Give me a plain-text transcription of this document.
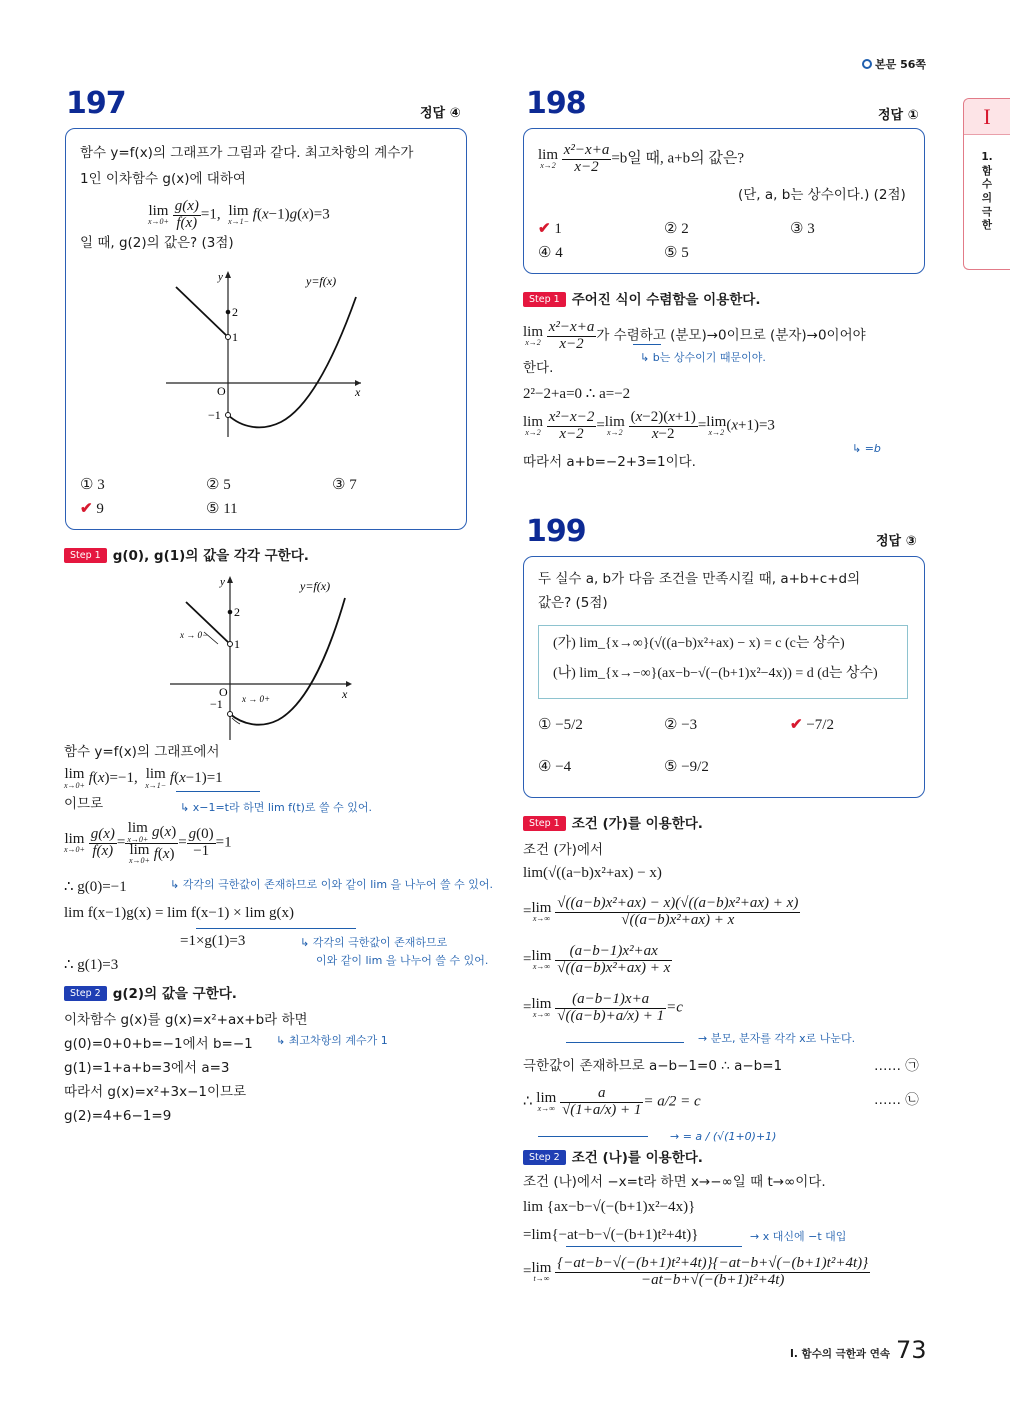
본문 56쪽
I
1. 함수의 극한
197	정답 ④
함수 y=f(x)의 그래프가 그림과 같다. 최고차항의 계수가
1인 이차함수 g(x)에 대하여
lim
x→0+
$\frac{g(x)}{f(x)} =1$,  lim
x→1− f(x−1)g(x)=3
일 때, g(2)의 값은? (3점)
2
1
−1
O	x
y	y=f(x)
① 3	② 5	③ 7
✔ 9	⑤ 11
Step 1 g(0), g(1)의 값을 각각 구한다.
x → 0−
x → 0+
2
1
−1
O	x
y	y=f(x)
함수 y=f(x)의 그래프에서
lim
x→0+ f(x)=−1,  lim
x→1− f(x−1)=1
이므로	↳ x−1=t라 하면 lim f(t)로 쓸 수 있어.
lim
x→0+
$\frac{g(x)}{f(x)} = \lim$
x→0+ g(x)
lim
$x\to 0+ f(x) = \frac{g(0)}{-1} =1$
↳ 각각의 극한값이 존재하므로 이와 같이 lim 을 나누어 쓸 수 있어.
∴ g(0)=−1
lim f(x−1)g(x) = lim f(x−1) × lim g(x)
=1×g(1)=3	↳ 각각의 극한값이 존재하므로
이와 같이 lim 을 나누어 쓸 수 있어.
∴ g(1)=3
Step 2 g(2)의 값을 구한다.
이차함수 g(x)를 g(x)=x²+ax+b라 하면
↳ 최고차항의 계수가 1
g(0)=0+0+b=−1에서 b=−1
g(1)=1+a+b=3에서 a=3
따라서 g(x)=x²+3x−1이므로
g(2)=4+6−1=9
198	정답 ①
lim
x→2
$\frac{\text{x²−x+a}}{x-2} =b$일 때, a+b의 값은?
(단, a, b는 상수이다.) (2점)
✔ 1	② 2	③ 3
④ 4	⑤ 5
Step 1 주어진 식이 수렴함을 이용한다.
lim
x→2
$\frac{\text{x²−x+a}}{x-2}$ 가 수렴하고 (분모)→0이므로 (분자)→0이어야
↳ b는 상수이기 때문이야.
한다.
2²−2+a=0 ∴ a=−2
lim
x→2
$\frac{\text{x²−x−2}}{x-2} =\lim$
x→2
$\frac{(x-2)(x+1)}{x-2} =\lim$
x→2 (x+1)=3
↳ =b
따라서 a+b=−2+3=1이다.
199	정답 ③
두 실수 a, b가 다음 조건을 만족시킬 때, a+b+c+d의
값은? (5점)
(가) lim_{x→∞}(√((a−b)x²+ax) − x) = c (c는 상수)
(나) lim_{x→−∞}(ax−b−√(−(b+1)x²−4x)) = d (d는 상수)
① −5/2	② −3	✔ −7/2
④ −4	⑤ −9/2
Step 1 조건 (가)를 이용한다.
조건 (가)에서
lim(√((a−b)x²+ax) − x)
=lim
x→∞
$\frac{\text{√((a−b)x²+ax) − x)(√((a−b)x²+ax) + x)}}{\text{√((a−b)x²+ax) + x}}$
=lim
x→∞
$\frac{\text{(a−b−1)x²+ax}}{\text{√((a−b)x²+ax) + x}}$
=lim
x→∞
$\frac{(a-b-1)x+a}{√((a-b)+a/x) + 1} =c$
→ 분모, 분자를 각각 x로 나눈다.
극한값이 존재하므로 a−b−1=0 ∴ a−b=1	…… ㉠
∴ lim
x→∞
$\frac{a}{√(1+a/x) + 1} = a/2 = c$	…… ㉡
→ = a / (√(1+0)+1)
Step 2 조건 (나)를 이용한다.
조건 (나)에서 −x=t라 하면 x→−∞일 때 t→∞이다.
lim {ax−b−√(−(b+1)x²−4x)}
=lim{−at−b−√(−(b+1)t²+4t)}	→ x 대신에 −t 대입
=lim
t→∞
$\frac{\text{\{−at−b−√(−(b+1)t²+4t)\}\{−at−b+√(−(b+1)t²+4t)\}}}{\text{−at−b+√(−(b+1)t²+4t)}}$
I. 함수의 극한과 연속 73
